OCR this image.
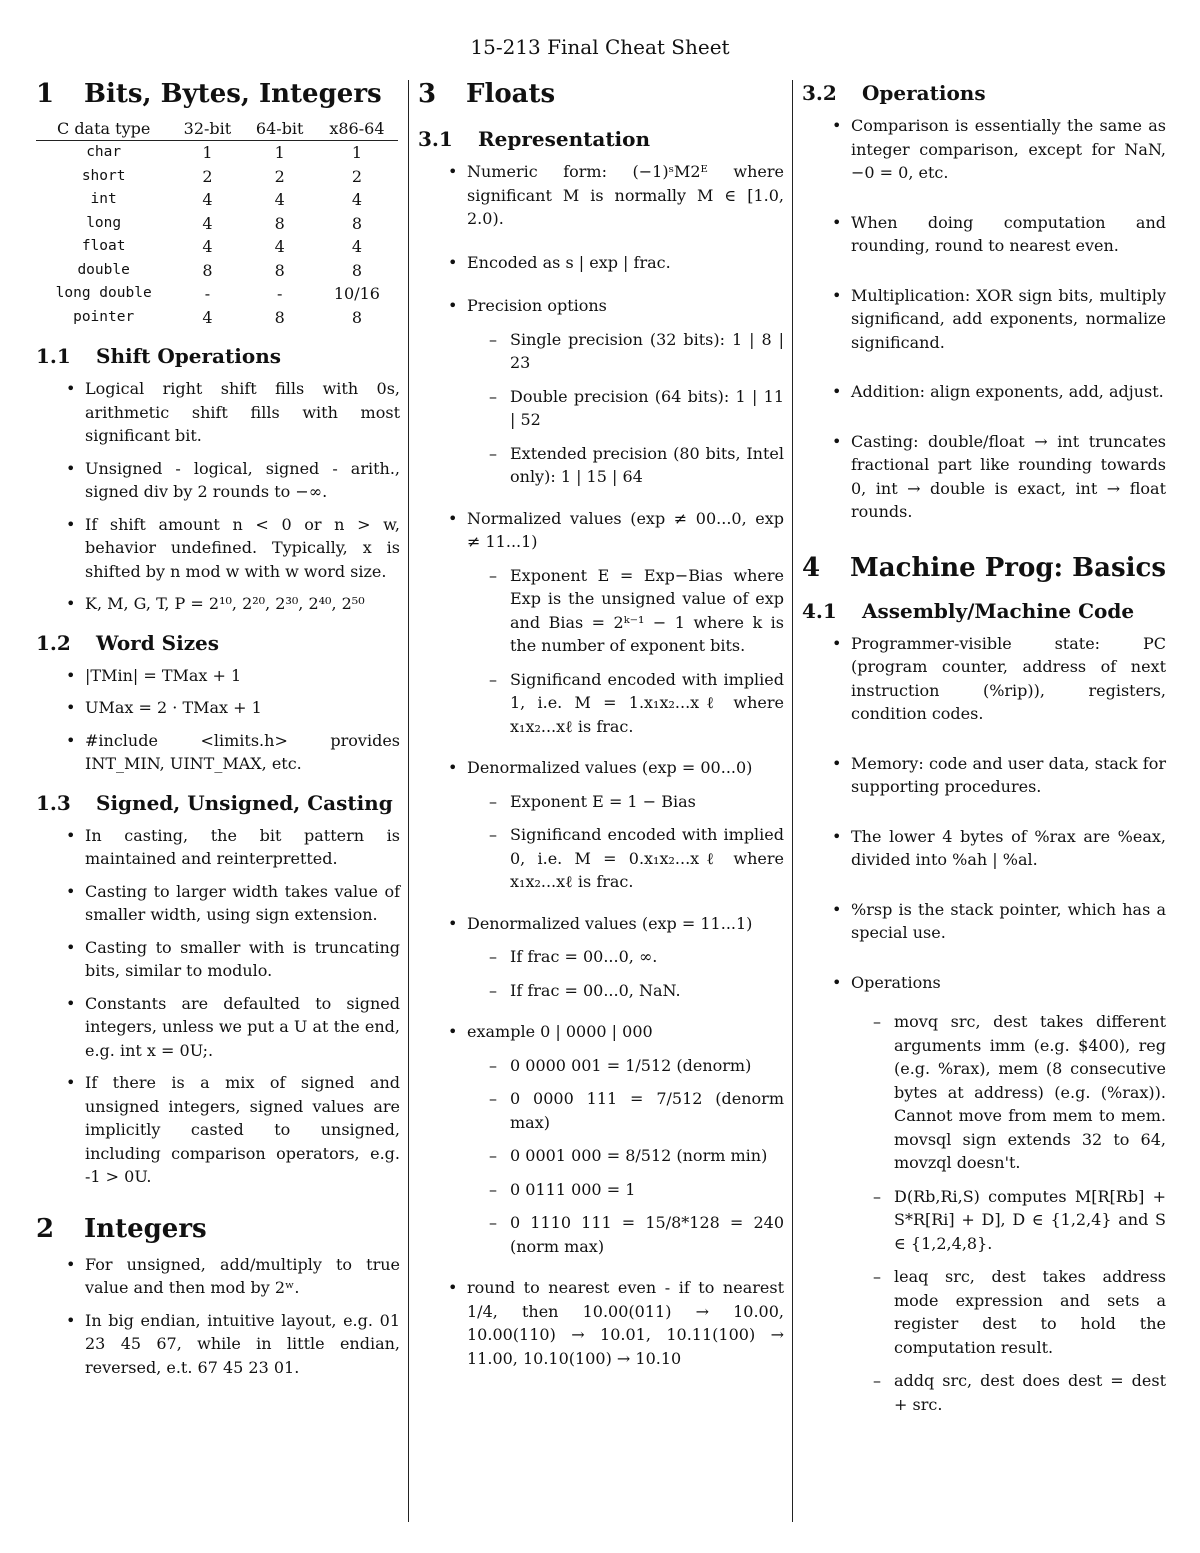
15-213 Final Cheat Sheet
1 Bits, Bytes, Integers
C data type	32-bit	64-bit	x86-64
char	1	1	1
short	2	2	2
int	4	4	4
long	4	8	8
float	4	4	4
double	8	8	8
long double	-	-	10/16
pointer	4	8	8
1.1 Shift Operations
• Logical right shift fills with 0s, arithmetic shift fills with most significant bit.
• Unsigned - logical, signed - arith., signed div by 2 rounds to −∞.
• If shift amount n < 0 or n > w, behavior undefined. Typically, x is shifted by n mod w with w word size.
• K, M, G, T, P = 2¹⁰, 2²⁰, 2³⁰, 2⁴⁰, 2⁵⁰
1.2 Word Sizes
• |TMin| = TMax + 1
• UMax = 2 · TMax + 1
• #include <limits.h> provides INT_MIN, UINT_MAX, etc.
1.3 Signed, Unsigned, Casting
• In casting, the bit pattern is maintained and reinterpretted.
• Casting to larger width takes value of smaller width, using sign extension.
• Casting to smaller with is truncating bits, similar to modulo.
• Constants are defaulted to signed integers, unless we put a U at the end, e.g. int x = 0U;.
• If there is a mix of signed and unsigned integers, signed values are implicitly casted to unsigned, including comparison operators, e.g. -1 > 0U.
2 Integers
• For unsigned, add/multiply to true value and then mod by 2ʷ.
• In big endian, intuitive layout, e.g. 01 23 45 67, while in little endian, reversed, e.t. 67 45 23 01.
3 Floats
3.1 Representation
• Numeric form: (−1)ˢM2ᴱ where significant M is normally M ∈ [1.0, 2.0).
• Encoded as s | exp | frac.
• Precision options
– Single precision (32 bits): 1 | 8 | 23
– Double precision (64 bits): 1 | 11 | 52
– Extended precision (80 bits, Intel only): 1 | 15 | 64
• Normalized values (exp ≠ 00...0, exp ≠ 11...1)
– Exponent E = Exp−Bias where Exp is the unsigned value of exp and Bias = 2ᵏ⁻¹ − 1 where k is the number of exponent bits.
– Significand encoded with implied 1, i.e. M = 1.x₁x₂...xℓ where x₁x₂...xℓ is frac.
• Denormalized values (exp = 00...0)
– Exponent E = 1 − Bias
– Significand encoded with implied 0, i.e. M = 0.x₁x₂...xℓ where x₁x₂...xℓ is frac.
• Denormalized values (exp = 11...1)
– If frac = 00...0, ∞.
– If frac = 00...0, NaN.
• example 0 | 0000 | 000
– 0 0000 001 = 1/512 (denorm)
– 0 0000 111 = 7/512 (denorm max)
– 0 0001 000 = 8/512 (norm min)
– 0 0111 000 = 1
– 0 1110 111 = 15/8*128 = 240 (norm max)
• round to nearest even - if to nearest 1/4, then 10.00(011) → 10.00, 10.00(110) → 10.01, 10.11(100) → 11.00, 10.10(100) → 10.10
3.2 Operations
• Comparison is essentially the same as integer comparison, except for NaN, −0 = 0, etc.
• When doing computation and rounding, round to nearest even.
• Multiplication: XOR sign bits, multiply significand, add exponents, normalize significand.
• Addition: align exponents, add, adjust.
• Casting: double/float → int truncates fractional part like rounding towards 0, int → double is exact, int → float rounds.
4 Machine Prog: Basics
4.1 Assembly/Machine Code
• Programmer-visible state: PC (program counter, address of next instruction (%rip)), registers, condition codes.
• Memory: code and user data, stack for supporting procedures.
• The lower 4 bytes of %rax are %eax, divided into %ah | %al.
• %rsp is the stack pointer, which has a special use.
• Operations
– movq src, dest takes different arguments imm (e.g. $400), reg (e.g. %rax), mem (8 consecutive bytes at address) (e.g. (%rax)). Cannot move from mem to mem. movsql sign extends 32 to 64, movzql doesn't.
– D(Rb,Ri,S) computes M[R[Rb] + S*R[Ri] + D], D ∈ {1,2,4} and S ∈ {1,2,4,8}.
– leaq src, dest takes address mode expression and sets a register dest to hold the computation result.
– addq src, dest does dest = dest + src.
